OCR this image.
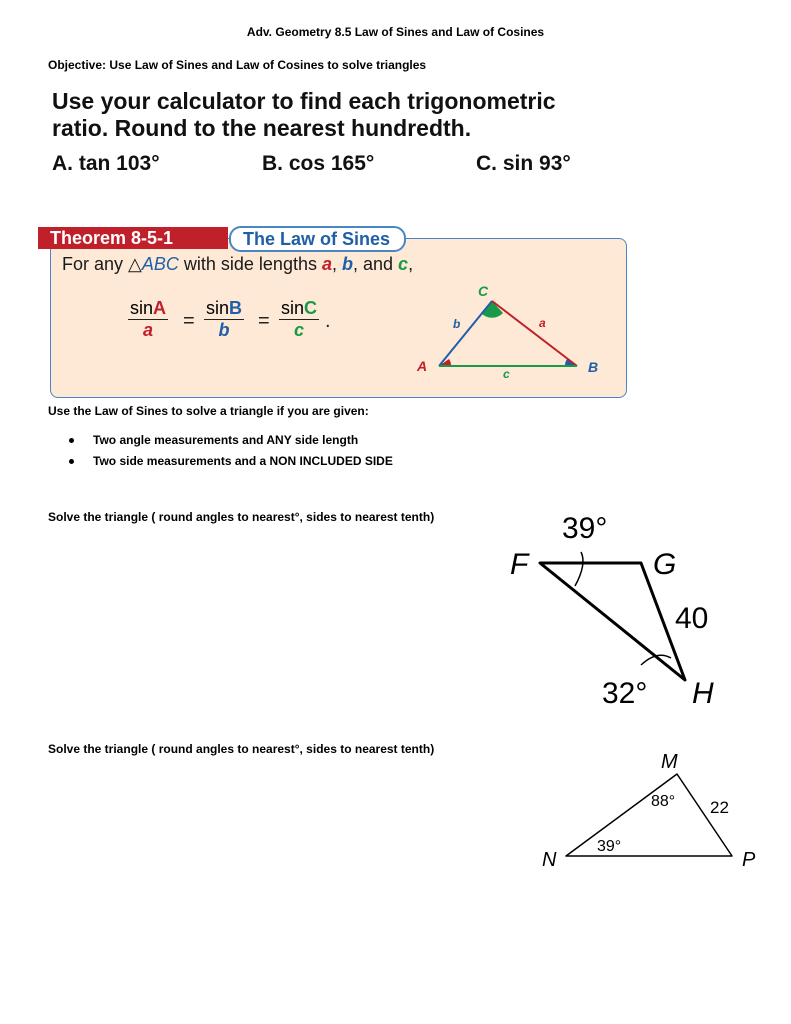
Adv. Geometry 8.5 Law of Sines and Law of Cosines
Objective: Use Law of Sines and Law of Cosines to solve triangles
Use your calculator to find each trigonometric
ratio. Round to the nearest hundredth.
A. tan 103°	B. cos 165°	C. sin 93°
Theorem 8-5-1	The Law of Sines
For any △ABC with side lengths a, b, and c,
$\frac{\sin A}{a} = \frac{\sin B}{b} = \frac{\sin C}{c}$ .
A	B
C
a
b
c
Use the Law of Sines to solve a triangle if you are given:
Two angle measurements and ANY side length
Two side measurements and a NON INCLUDED SIDE
Solve the triangle ( round angles to nearest°, sides to nearest tenth)
F	G
H
39°
32°
40
Solve the triangle ( round angles to nearest°, sides to nearest tenth)
N
M
P
88°
39°
22
